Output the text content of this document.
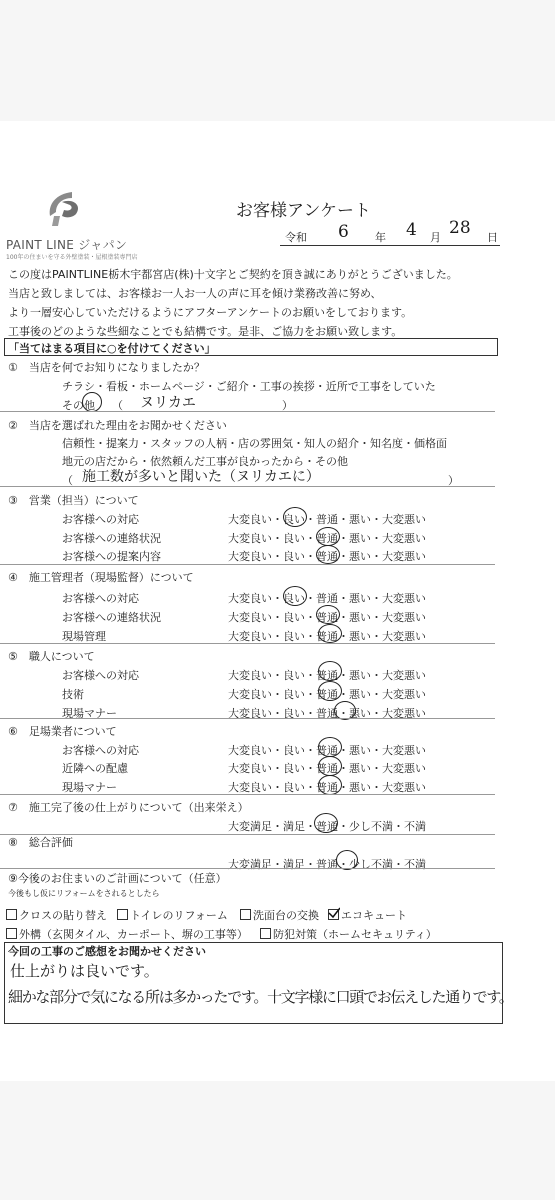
PAINT LINE ジャパン
100年の住まいを守る外壁塗装・屋根塗装専門店
お客様アンケート
令和 6 年 4 月 28 日
この度はPAINTLINE栃木宇都宮店(株)十文字とご契約を頂き誠にありがとうございました。
当店と致しましては、お客様お一人お一人の声に耳を傾け業務改善に努め、
より一層安心していただけるようにアフターアンケートのお願いをしております。
工事後のどのような些細なことでも結構です。是非、ご協力をお願い致します。
「当てはまる項目に○を付けてください」
①　当店を何でお知りになりましたか？
チラシ・看板・ホームページ・ご紹介・工事の挨拶・近所で工事をしていた
その他 （ ヌリカエ	）
②　当店を選ばれた理由をお聞かせください
信頼性・提案力・スタッフの人柄・店の雰囲気・知人の紹介・知名度・価格面
地元の店だから・依然頼んだ工事が良かったから・その他
（ 施工数が多いと聞いた（ヌリカエに）	）
③　営業（担当）について
お客様への対応	大変良い・良い・普通・悪い・大変悪い
お客様への連絡状況	大変良い・良い・普通・悪い・大変悪い
お客様への提案内容	大変良い・良い・普通・悪い・大変悪い
④　施工管理者（現場監督）について
お客様への対応	大変良い・良い・普通・悪い・大変悪い
お客様への連絡状況	大変良い・良い・普通・悪い・大変悪い
現場管理	大変良い・良い・普通・悪い・大変悪い
⑤　職人について
お客様への対応	大変良い・良い・普通・悪い・大変悪い
技術	大変良い・良い・普通・悪い・大変悪い
現場マナー	大変良い・良い・普通・悪い・大変悪い
⑥　足場業者について
お客様への対応	大変良い・良い・普通・悪い・大変悪い
近隣への配慮	大変良い・良い・普通・悪い・大変悪い
現場マナー	大変良い・良い・普通・悪い・大変悪い
⑦　施工完了後の仕上がりについて（出来栄え）
大変満足・満足・普通・少し不満・不満
⑧　総合評価
大変満足・満足・普通・少し不満・不満
⑨今後のお住まいのご計画について（任意）
今後もし仮にリフォームをされるとしたら
クロスの貼り替え	トイレのリフォーム	洗面台の交換	エコキュート
外構（玄関タイル、カーポート、塀の工事等）	防犯対策（ホームセキュリティ）
今回の工事のご感想をお聞かせください
仕上がりは良いです。
細かな部分で気になる所は多かったです。十文字様に口頭でお伝えした通りです。
